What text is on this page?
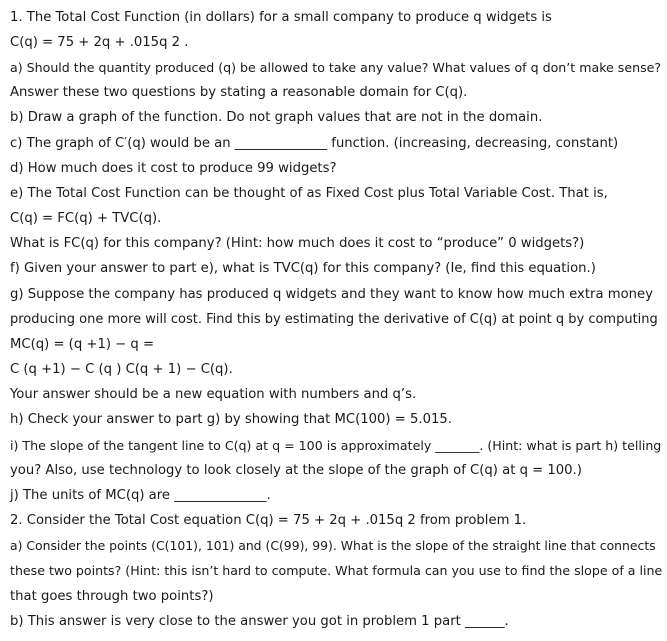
1. The Total Cost Function (in dollars) for a small company to produce q widgets is
C(q) = 75 + 2q + .015q 2 .
a) Should the quantity produced (q) be allowed to take any value? What values of q don’t make sense?
Answer these two questions by stating a reasonable domain for C(q).
b) Draw a graph of the function. Do not graph values that are not in the domain.
c) The graph of C′(q) would be an ______________ function. (increasing, decreasing, constant)
d) How much does it cost to produce 99 widgets?
e) The Total Cost Function can be thought of as Fixed Cost plus Total Variable Cost. That is,
C(q) = FC(q) + TVC(q).
What is FC(q) for this company? (Hint: how much does it cost to “produce” 0 widgets?)
f) Given your answer to part e), what is TVC(q) for this company? (Ie, find this equation.)
g) Suppose the company has produced q widgets and they want to know how much extra money
producing one more will cost. Find this by estimating the derivative of C(q) at point q by computing
MC(q) = (q +1) − q =
C (q +1) − C (q ) C(q + 1) − C(q).
Your answer should be a new equation with numbers and q’s.
h) Check your answer to part g) by showing that MC(100) = 5.015.
i) The slope of the tangent line to C(q) at q = 100 is approximately _______. (Hint: what is part h) telling
you? Also, use technology to look closely at the slope of the graph of C(q) at q = 100.)
j) The units of MC(q) are ______________.
2. Consider the Total Cost equation C(q) = 75 + 2q + .015q 2 from problem 1.
a) Consider the points (C(101), 101) and (C(99), 99). What is the slope of the straight line that connects
these two points? (Hint: this isn’t hard to compute. What formula can you use to find the slope of a line
that goes through two points?)
b) This answer is very close to the answer you got in problem 1 part ______.
